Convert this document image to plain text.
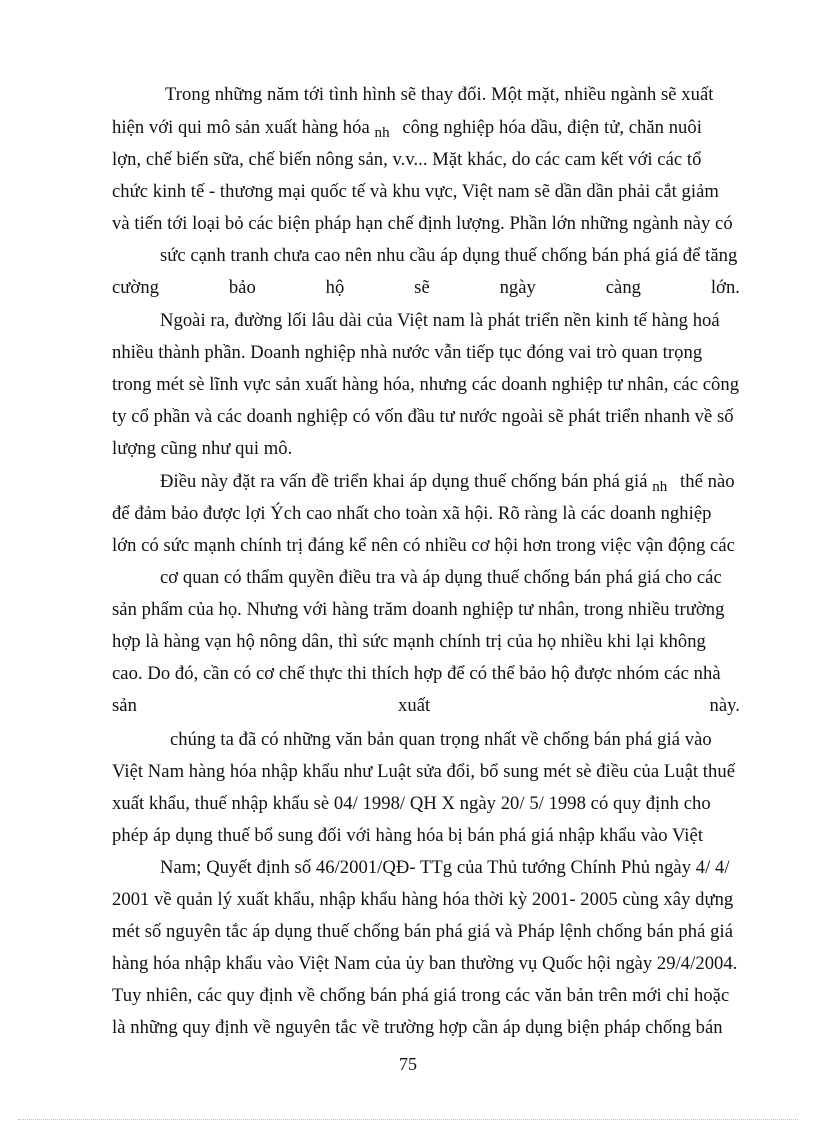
Trong những năm tới tình hình sẽ thay đổi. Một mặt, nhiều ngành sẽ xuất
hiện với qui mô sản xuất hàng hóa $_{nh}$ công nghiệp hóa dầu, điện tử, chăn nuôi
lợn, chế biến sữa, chế biến nông sản, v.v... Mặt khác, do các cam kết với các tổ
chức kinh tế - thương mại quốc tế và khu vực, Việt nam sẽ dần dần phải cắt giảm
và tiến tới loại bỏ các biện pháp hạn chế định lượng. Phần lớn những ngành này có
sức cạnh tranh chưa cao nên nhu cầu áp dụng thuế chống bán phá giá để tăng
cường	bảo	hộ	sẽ	ngày	càng	lớn.
Ngoài ra, đường lối lâu dài của Việt nam là phát triển nền kinh tế hàng hoá
nhiều thành phần. Doanh nghiệp nhà nước vẫn tiếp tục đóng vai trò quan trọng
trong mét sè lĩnh vực sản xuất hàng hóa, nhưng các doanh nghiệp tư nhân, các công
ty cổ phần và các doanh nghiệp có vốn đầu tư nước ngoài sẽ phát triển nhanh về số
lượng cũng như qui mô.
Điều này đặt ra vấn đề triển khai áp dụng thuế chống bán phá giá $_{nh}$ thế nào
để đảm bảo được lợi Ých cao nhất cho toàn xã hội. Rõ ràng là các doanh nghiệp
lớn có sức mạnh chính trị đáng kể nên có nhiều cơ hội hơn trong việc vận động các
cơ quan có thẩm quyền điều tra và áp dụng thuế chống bán phá giá cho các
sản phẩm của họ. Nhưng với hàng trăm doanh nghiệp tư nhân, trong nhiều trường
hợp là hàng vạn hộ nông dân, thì sức mạnh chính trị của họ nhiều khi lại không
cao. Do đó, cần có cơ chế thực thi thích hợp để có thể bảo hộ được nhóm các nhà
sản	xuất	này.
chúng ta đã có những văn bản quan trọng nhất về chống bán phá giá vào
Việt Nam hàng hóa nhập khẩu như Luật sửa đổi, bổ sung mét sè điều của Luật thuế
xuất khẩu, thuế nhập khẩu sè 04/ 1998/ QH X ngày 20/ 5/ 1998 có quy định cho
phép áp dụng thuế bổ sung đối với hàng hóa bị bán phá giá nhập khẩu vào Việt
Nam; Quyết định số 46/2001/QĐ- TTg của Thủ tướng Chính Phủ ngày 4/ 4/
2001 về quản lý xuất khẩu, nhập khẩu hàng hóa thời kỳ 2001- 2005 cùng xây dựng
mét số nguyên tắc áp dụng thuế chống bán phá giá và Pháp lệnh chống bán phá giá
hàng hóa nhập khẩu vào Việt Nam của ủy ban thường vụ Quốc hội ngày 29/4/2004.
Tuy nhiên, các quy định về chống bán phá giá trong các văn bản trên mới chỉ hoặc
là những quy định về nguyên tắc về trường hợp cần áp dụng biện pháp chống bán
75
